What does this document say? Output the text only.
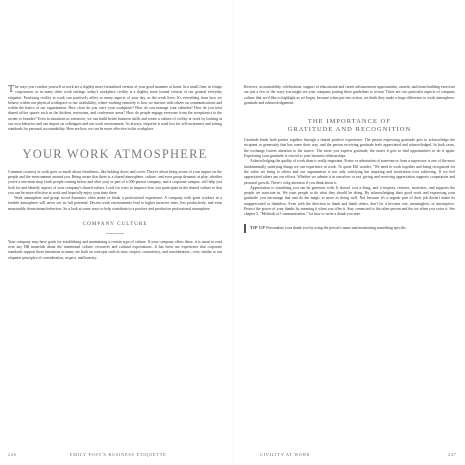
The ways you conduct yourself at work are a slightly more formalized version of your good manners at home. In a small firm, in a huge corporation, or in many other work settings, today's workplace civility is a slightly more formal version of our general everyday etiquette. Practicing civility at work can positively affect so many aspects of your day, as the work lives. It's everything from how we behave within our physical workspace to our availability, where working remotely is how we interact with others on communications and within the basics of our organization. How close do you carry your workplace? How do you manage your calendar? How do you treat shared office spaces such as the kitchen, restrooms, and conference areas? How do people engage everyone from the receptionist to the owner or founder? Even in situations as extensive, we can build better business skills and create a culture of civility at work by looking at our own behavior and our impact on colleagues and our work environment. As always, etiquette is used less for self-awareness and setting standards for personal accountability. Here are how we can be more effective in the workplace.

YOUR WORK ATMOSPHERE

Common courtesy at work goes so much about cleanliness, like holding doors and cover. They're about being aware of your impact on the people and the environment around you. Being aware that there is a shared atmosphere, culture, and even group dynamic at play, whether you're a one-man shop (with people coming below and after you) or part of a 500-person company, and a corporate campus, will help you look for and identify aspects of your company's shared culture. Look for ways to improve how you participate in the shared culture so that you can be more effective at work and hopefully enjoy your time there.

Work atmosphere and group social dynamics often make or break a professional experience. A company with great workers in a terrible atmosphere will never see its full potential. Decent work environments lead to higher turnover rates, less productivity, and even measurably downstream behaviors. So a look at some ways to help contribute to a positive and productive professional atmosphere.

COMPANY CULTURE

Your company may have goals for establishing and maintaining a certain type of culture. If your company offers these, it is smart to read over any HR materials about the intentional culture, resources and cultural expectations. It has been our experience that corporate standards support these intentions as many are built on concepts such as trust, respect, consistency, and consideration—very similar to our etiquette principles of consideration, respect, and honesty.

Reviews, accountability, celebrations, support of educational and career advancement opportunities, awards, and team-building exercises are just a few of the ways you might see your company putting these guidelines to action. There are two particular aspects of company culture that we'd like to highlight as we begin, because when put into action, we think they make a huge difference to work atmosphere: gratitude and acknowledgement.

THE IMPORTANCE OF
GRATITUDE AND RECOGNITION

Gratitude binds both parties together through a shared positive experience. The person expressing gratitude gets to acknowledge the recipient or generosity that has come their way, and the person receiving gratitude feels appreciated and acknowledged. In both cases, the exchange fosters attention to the source. The more you express gratitude, the easier it gets to find opportunities to do it again. Expressing your gratitude is crucial to your business relationships.

Acknowledging the quality of work done is really important. Praise or admiration of someone or from a supervisor is one of the most fundamentally satisfying things we can experience at work. To quote Elil wonder, "We need to work together and being recognized for the value we bring to others and our organization is not only satisfying but inspiring and motivation over achieving. If we feel appreciated others are our efforts. Whether we admire it in ourselves or not, giving and receiving appreciation supports cooperation and personal growth. There's a big attention if you think about it.

Appreciation is something you can be generous with. It doesn't cost a thing, and it inspires, restores, motivates, and supports the people we associate in. We want people to do what they should be doing. By acknowledging their good work and expressing your gratitude, you encourage that and do the magic to more as doing well. Not because it's a regular part of their job doesn't make its unappreciated or thankless. Even with the direction to thank and thank others, don't let it become rote, meaningless, or interruptive. Protect the power of your thanks by meaning it when you offer it. Stay connected to the other person and the act when you voice it. See chapter 5, "Methods of Communication," for how to write a thank-you note.

TIP UP Personalize your thank-you by using the person's name and mentioning something specific.

246	EMILY POST'S BUSINESS ETIQUETTE	CIVILITY AT WORK	247
